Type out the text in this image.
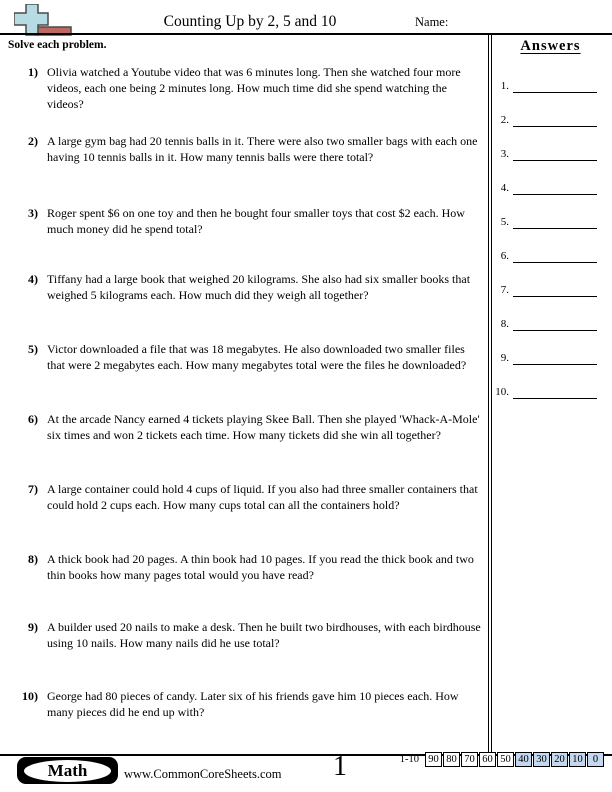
Counting Up by 2, 5 and 10	Name:
Solve each problem.
1) Olivia watched a Youtube video that was 6 minutes long. Then she watched four more videos, each one being 2 minutes long. How much time did she spend watching the videos?
2) A large gym bag had 20 tennis balls in it. There were also two smaller bags with each one having 10 tennis balls in it. How many tennis balls were there total?
3) Roger spent $6 on one toy and then he bought four smaller toys that cost $2 each. How much money did he spend total?
4) Tiffany had a large book that weighed 20 kilograms. She also had six smaller books that weighed 5 kilograms each. How much did they weigh all together?
5) Victor downloaded a file that was 18 megabytes. He also downloaded two smaller files that were 2 megabytes each. How many megabytes total were the files he downloaded?
6) At the arcade Nancy earned 4 tickets playing Skee Ball. Then she played 'Whack-A-Mole' six times and won 2 tickets each time. How many tickets did she win all together?
7) A large container could hold 4 cups of liquid. If you also had three smaller containers that could hold 2 cups each. How many cups total can all the containers hold?
8) A thick book had 20 pages. A thin book had 10 pages. If you read the thick book and two thin books how many pages total would you have read?
9) A builder used 20 nails to make a desk. Then he built two birdhouses, with each birdhouse using 10 nails. How many nails did he use total?
10) George had 80 pieces of candy. Later six of his friends gave him 10 pieces each. How many pieces did he end up with?
Answers
1.
2.
3.
4.
5.
6.
7.
8.
9.
10.
Math	www.CommonCoreSheets.com	1	1-10 90 80 70 60 50 40 30 20 10 0
